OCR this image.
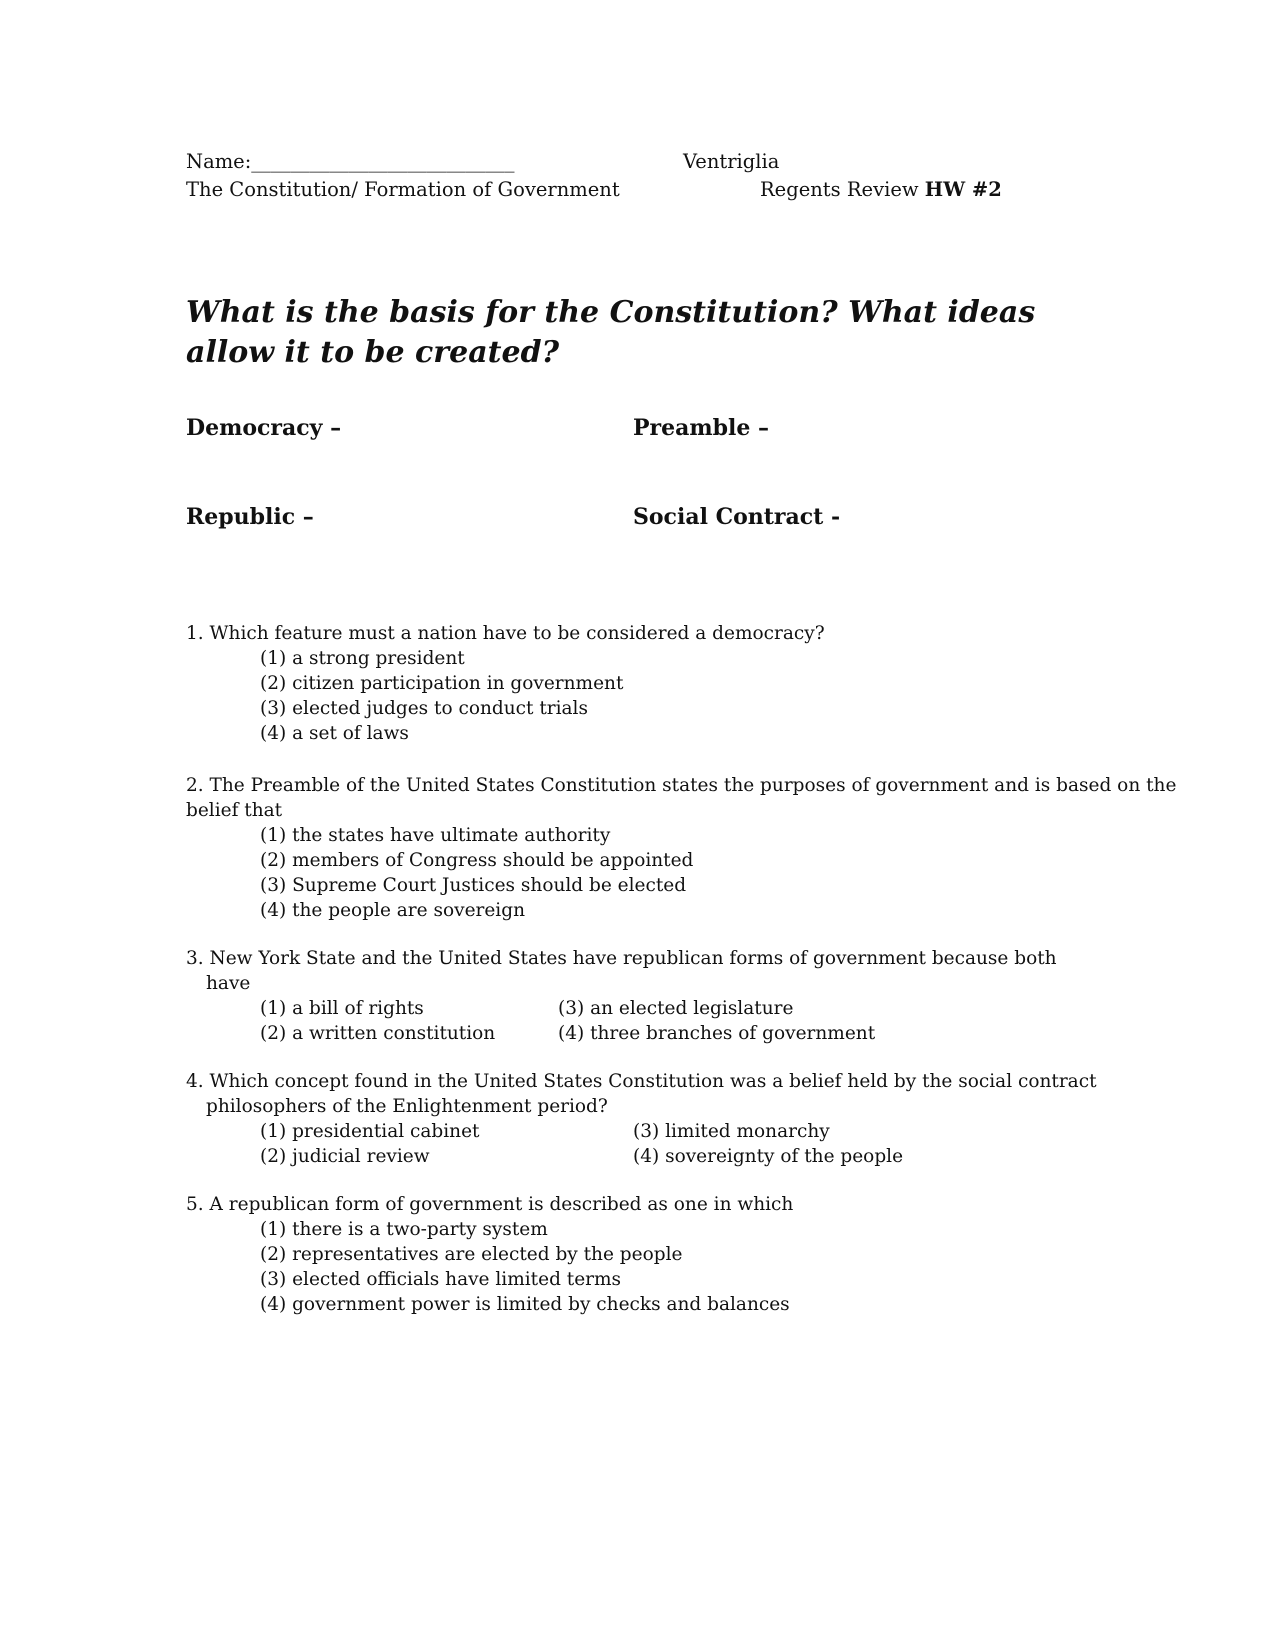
Name:___________________________	Ventriglia
The Constitution/ Formation of Government	Regents Review HW #2
What is the basis for the Constitution? What ideas allow it to be created?
Democracy –	Preamble –
Republic –	Social Contract -
1. Which feature must a nation have to be considered a democracy?
(1) a strong president
(2) citizen participation in government
(3) elected judges to conduct trials
(4) a set of laws
2. The Preamble of the United States Constitution states the purposes of government and is based on the
belief that
(1) the states have ultimate authority
(2) members of Congress should be appointed
(3) Supreme Court Justices should be elected
(4) the people are sovereign
3. New York State and the United States have republican forms of government because both
have
(1) a bill of rights	(3) an elected legislature
(2) a written constitution	(4) three branches of government
4. Which concept found in the United States Constitution was a belief held by the social contract
philosophers of the Enlightenment period?
(1) presidential cabinet	(3) limited monarchy
(2) judicial review	(4) sovereignty of the people
5. A republican form of government is described as one in which
(1) there is a two-party system
(2) representatives are elected by the people
(3) elected officials have limited terms
(4) government power is limited by checks and balances
